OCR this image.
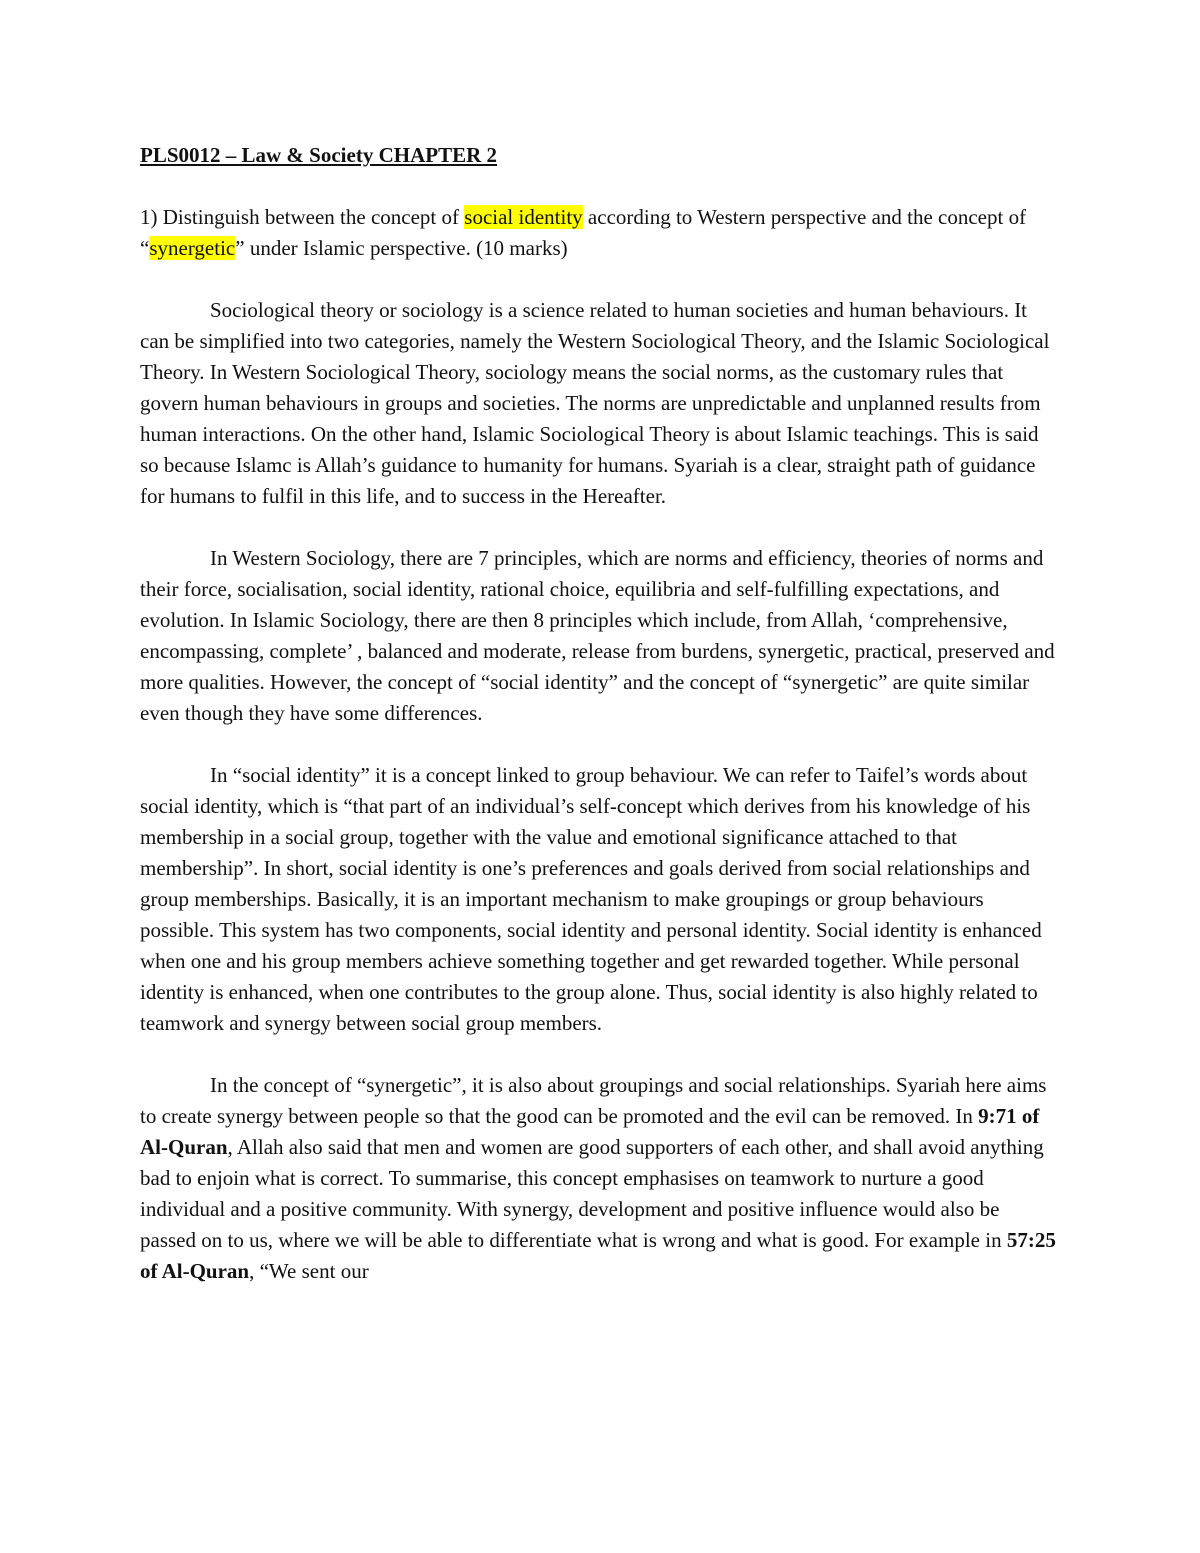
PLS0012 – Law & Society CHAPTER 2
1) Distinguish between the concept of social identity according to Western perspective and the concept of “synergetic” under Islamic perspective. (10 marks)
Sociological theory or sociology is a science related to human societies and human behaviours. It can be simplified into two categories, namely the Western Sociological Theory, and the Islamic Sociological Theory. In Western Sociological Theory, sociology means the social norms, as the customary rules that govern human behaviours in groups and societies. The norms are unpredictable and unplanned results from human interactions. On the other hand, Islamic Sociological Theory is about Islamic teachings. This is said so because Islamc is Allah’s guidance to humanity for humans. Syariah is a clear, straight path of guidance for humans to fulfil in this life, and to success in the Hereafter.
In Western Sociology, there are 7 principles, which are norms and efficiency, theories of norms and their force, socialisation, social identity, rational choice, equilibria and self-fulfilling expectations, and evolution. In Islamic Sociology, there are then 8 principles which include, from Allah, ‘comprehensive, encompassing, complete’ , balanced and moderate, release from burdens, synergetic, practical, preserved and more qualities. However, the concept of “social identity” and the concept of “synergetic” are quite similar even though they have some differences.
In “social identity” it is a concept linked to group behaviour. We can refer to Taifel’s words about social identity, which is “that part of an individual’s self-concept which derives from his knowledge of his membership in a social group, together with the value and emotional significance attached to that membership”. In short, social identity is one’s preferences and goals derived from social relationships and group memberships. Basically, it is an important mechanism to make groupings or group behaviours possible. This system has two components, social identity and personal identity. Social identity is enhanced when one and his group members achieve something together and get rewarded together. While personal identity is enhanced, when one contributes to the group alone. Thus, social identity is also highly related to teamwork and synergy between social group members.
In the concept of “synergetic”, it is also about groupings and social relationships. Syariah here aims to create synergy between people so that the good can be promoted and the evil can be removed. In 9:71 of Al-Quran, Allah also said that men and women are good supporters of each other, and shall avoid anything bad to enjoin what is correct. To summarise, this concept emphasises on teamwork to nurture a good individual and a positive community. With synergy, development and positive influence would also be passed on to us, where we will be able to differentiate what is wrong and what is good. For example in 57:25 of Al-Quran, “We sent our
